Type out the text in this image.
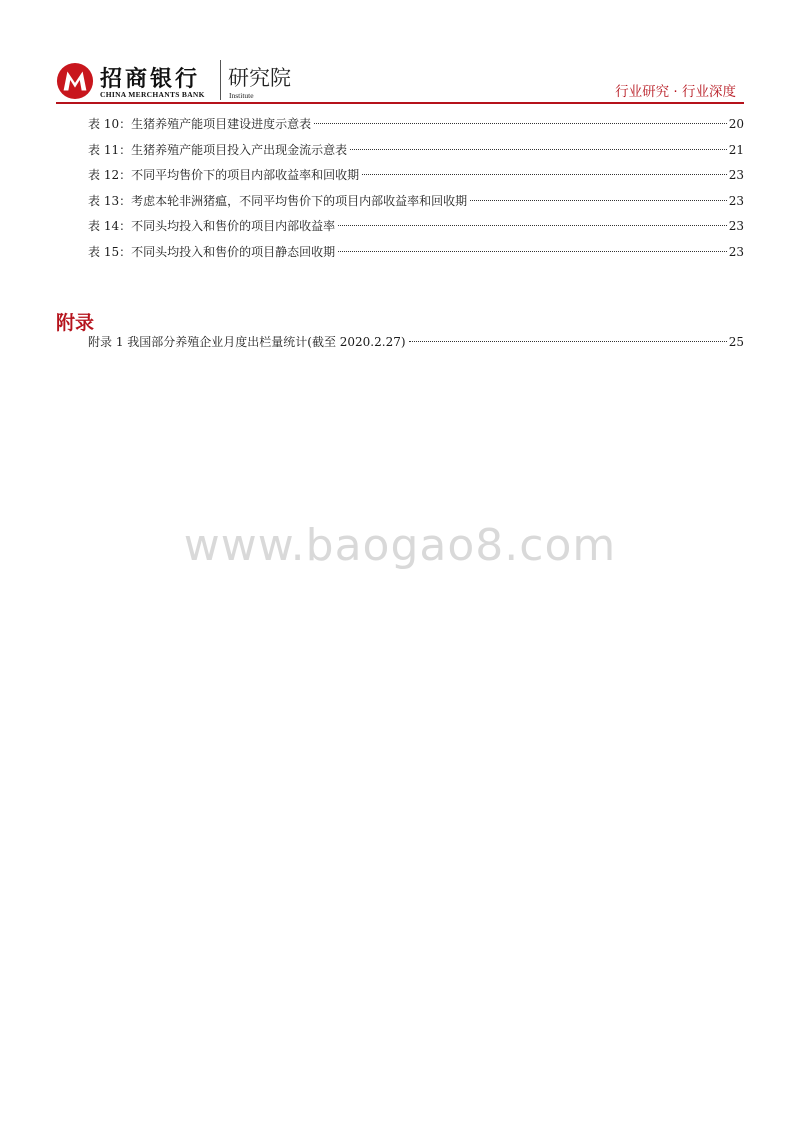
招商银行
CHINA MERCHANTS BANK
研究院
Institute	行业研究 · 行业深度
表 10：生猪养殖产能项目建设进度示意表	20
表 11：生猪养殖产能项目投入产出现金流示意表	21
表 12：不同平均售价下的项目内部收益率和回收期	23
表 13：考虑本轮非洲猪瘟，不同平均售价下的项目内部收益率和回收期	23
表 14：不同头均投入和售价的项目内部收益率	23
表 15：不同头均投入和售价的项目静态回收期	23
附录
附录 1 我国部分养殖企业月度出栏量统计(截至 2020.2.27)	25
www.baogao8.com
